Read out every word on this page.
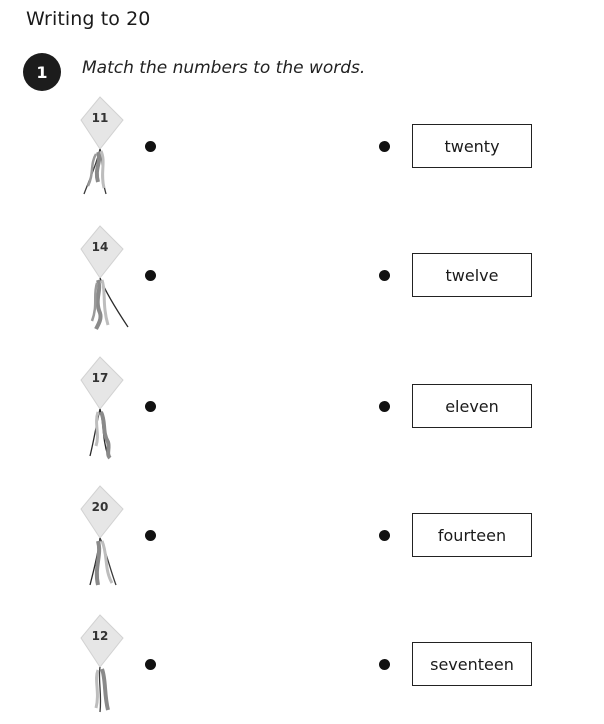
Writing to 20
1	Match the numbers to the words.
11
twenty
14
twelve
17
eleven
20
fourteen
12
seventeen
